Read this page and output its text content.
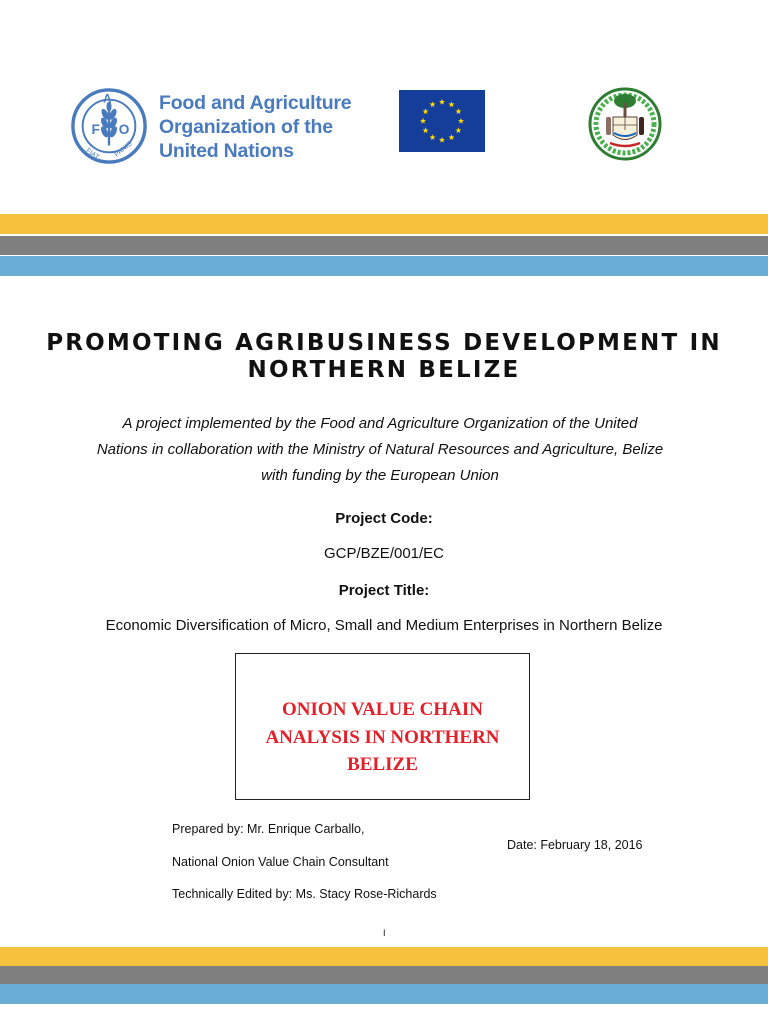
F
A
O
FIAT PANIS
Food and Agriculture
Organization of the
United Nations
PROMOTING AGRIBUSINESS DEVELOPMENT IN
NORTHERN BELIZE
A project implemented by the Food and Agriculture Organization of the United
Nations in collaboration with the Ministry of Natural Resources and Agriculture, Belize
with funding by the European Union
Project Code:
GCP/BZE/001/EC
Project Title:
Economic Diversification of Micro, Small and Medium Enterprises in Northern Belize
ONION VALUE CHAIN
ANALYSIS IN NORTHERN
BELIZE
Prepared by: Mr. Enrique Carballo,
National Onion Value Chain Consultant
Technically Edited by: Ms. Stacy Rose-Richards
Date: February 18, 2016
I
